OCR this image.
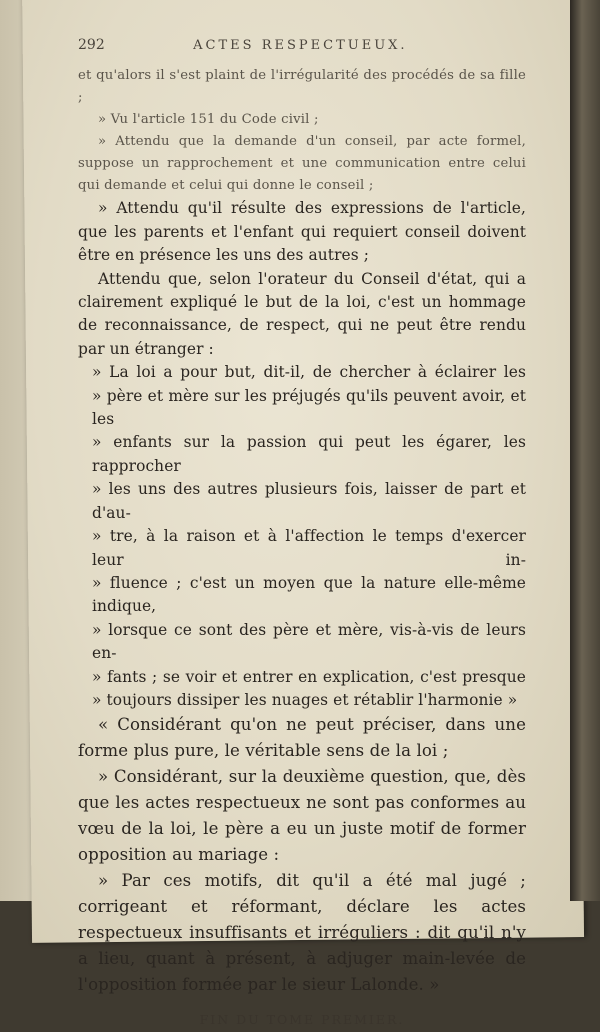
292	ACTES RESPECTUEUX.

et qu'alors il s'est plaint de l'irrégularité des procédés de sa fille ;

» Vu l'article 151 du Code civil ;

» Attendu que la demande d'un conseil, par acte formel, suppose un rapprochement et une communication entre celui qui demande et celui qui donne le conseil ;

» Attendu qu'il résulte des expressions de l'article, que les parents et l'enfant qui requiert conseil doivent être en présence les uns des autres ;

Attendu que, selon l'orateur du Conseil d'état, qui a clairement expliqué le but de la loi, c'est un hommage de reconnaissance, de respect, qui ne peut être rendu par un étranger :

» La loi a pour but, dit-il, de chercher à éclairer les

» père et mère sur les préjugés qu'ils peuvent avoir, et les

» enfants sur la passion qui peut les égarer, les rapprocher

» les uns des autres plusieurs fois, laisser de part et d'au-

» tre, à la raison et à l'affection le temps d'exercer leur in-

» fluence ; c'est un moyen que la nature elle-même indique,

» lorsque ce sont des père et mère, vis-à-vis de leurs en-

» fants ; se voir et entrer en explication, c'est presque

» toujours dissiper les nuages et rétablir l'harmonie »

« Considérant qu'on ne peut préciser, dans une forme plus pure, le véritable sens de la loi ;

» Considérant, sur la deuxième question, que, dès que les actes respectueux ne sont pas conformes au vœu de la loi, le père a eu un juste motif de former opposition au mariage :

» Par ces motifs, dit qu'il a été mal jugé ; corrigeant et réformant, déclare les actes respectueux insuffisants et irréguliers : dit qu'il n'y a lieu, quant à présent, à adjuger main-levée de l'opposition formée par le sieur Lalonde. »

FIN DU TOME PREMIER.
